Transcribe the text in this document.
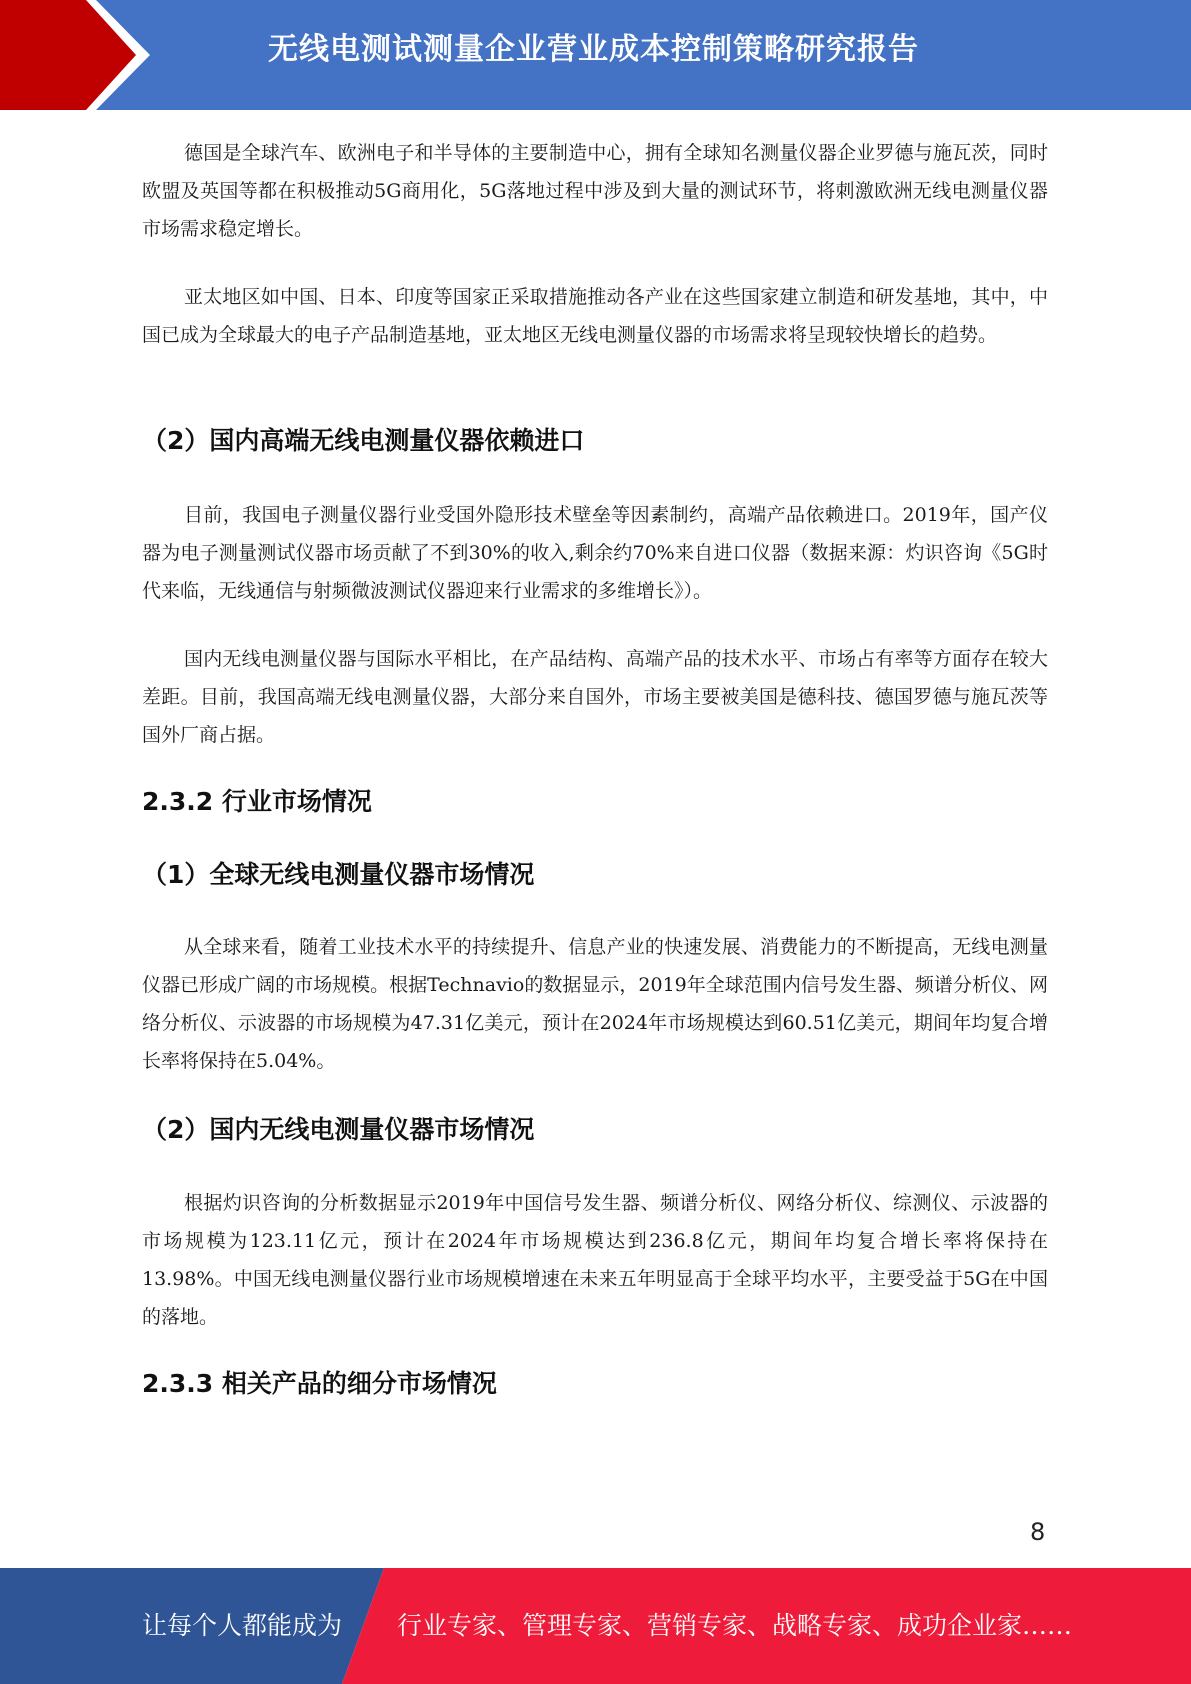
无线电测试测量企业营业成本控制策略研究报告

德国是全球汽车、欧洲电子和半导体的主要制造中心，拥有全球知名测量仪器企业罗德与施瓦茨，同时欧盟及英国等都在积极推动5G商用化，5G落地过程中涉及到大量的测试环节，将刺激欧洲无线电测量仪器市场需求稳定增长。

亚太地区如中国、日本、印度等国家正采取措施推动各产业在这些国家建立制造和研发基地，其中，中国已成为全球最大的电子产品制造基地，亚太地区无线电测量仪器的市场需求将呈现较快增长的趋势。

（2）国内高端无线电测量仪器依赖进口

目前，我国电子测量仪器行业受国外隐形技术壁垒等因素制约，高端产品依赖进口。2019年，国产仪器为电子测量测试仪器市场贡献了不到30%的收入,剩余约70%来自进口仪器（数据来源：灼识咨询《5G时代来临，无线通信与射频微波测试仪器迎来行业需求的多维增长》）。

国内无线电测量仪器与国际水平相比，在产品结构、高端产品的技术水平、市场占有率等方面存在较大差距。目前，我国高端无线电测量仪器，大部分来自国外，市场主要被美国是德科技、德国罗德与施瓦茨等国外厂商占据。

2.3.2 行业市场情况
（1）全球无线电测量仪器市场情况

从全球来看，随着工业技术水平的持续提升、信息产业的快速发展、消费能力的不断提高，无线电测量仪器已形成广阔的市场规模。根据Technavio的数据显示，2019年全球范围内信号发生器、频谱分析仪、网络分析仪、示波器的市场规模为47.31亿美元，预计在2024年市场规模达到60.51亿美元，期间年均复合增长率将保持在5.04%。

（2）国内无线电测量仪器市场情况

根据灼识咨询的分析数据显示2019年中国信号发生器、频谱分析仪、网络分析仪、综测仪、示波器的市场规模为123.11亿元，预计在2024年市场规模达到236.8亿元，期间年均复合增长率将保持在13.98%。中国无线电测量仪器行业市场规模增速在未来五年明显高于全球平均水平，主要受益于5G在中国的落地。

2.3.3 相关产品的细分市场情况
8
让每个人都能成为 行业专家、管理专家、营销专家、战略专家、成功企业家……
